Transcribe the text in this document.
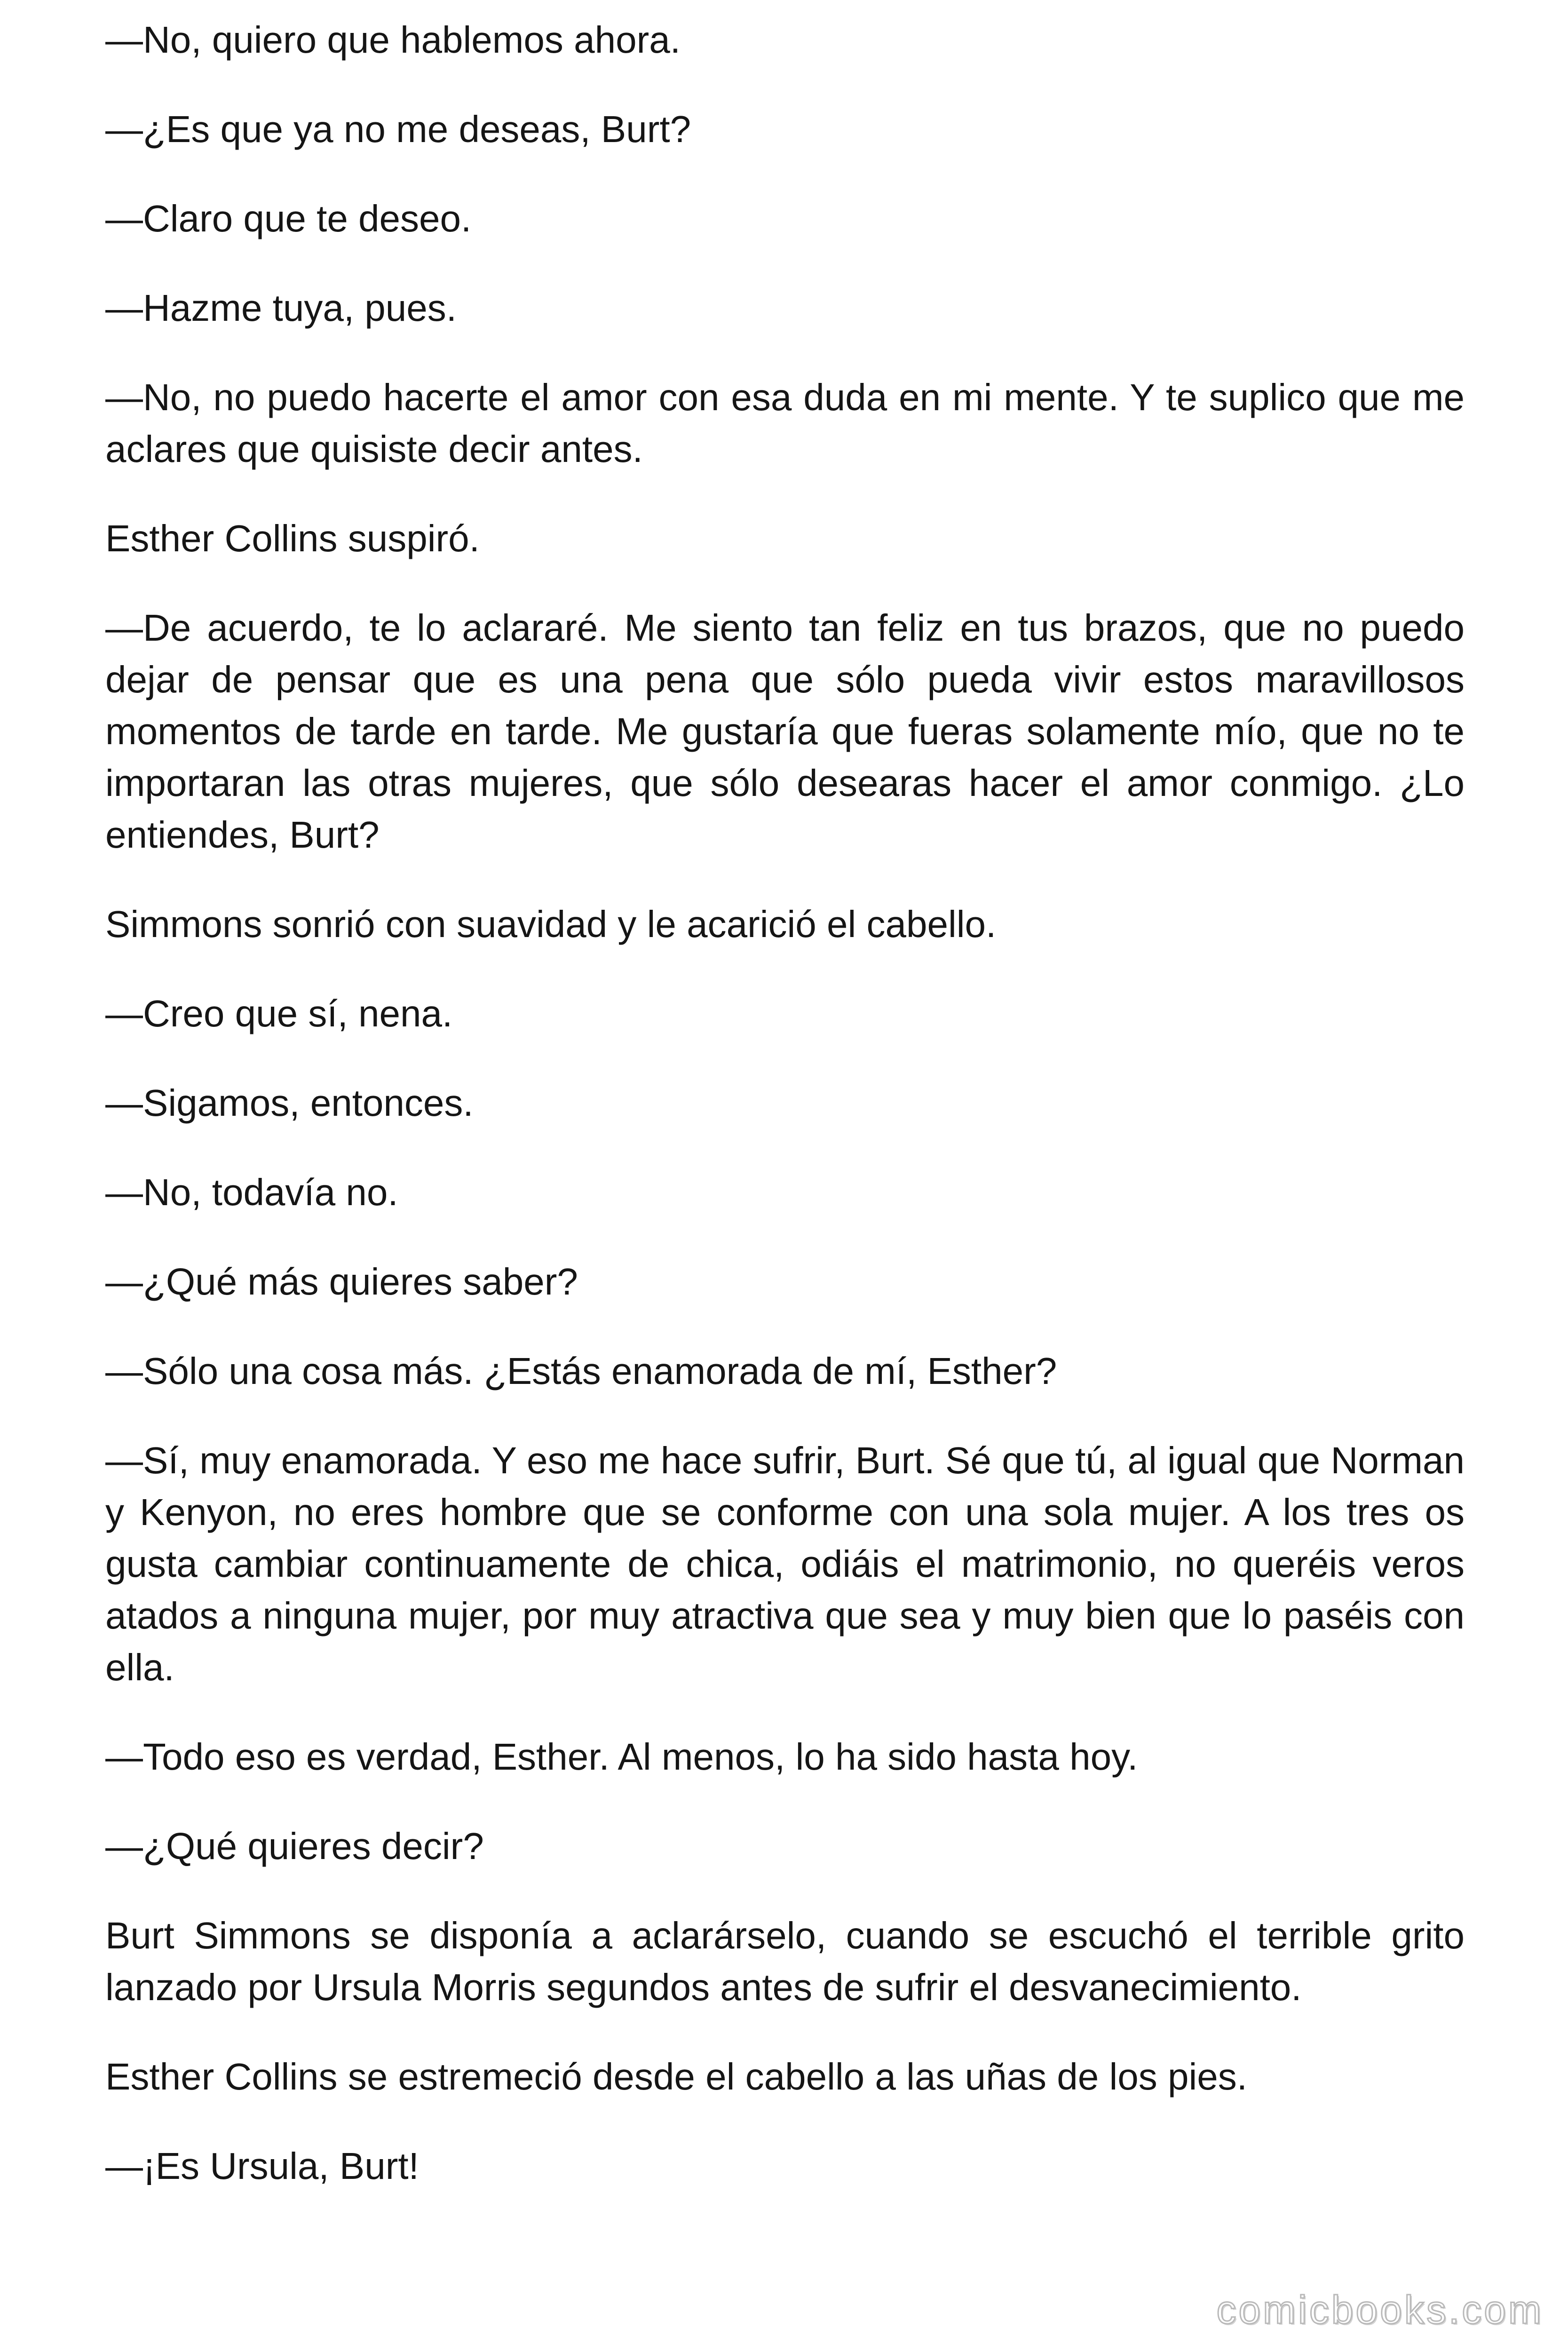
—No, quiero que hablemos ahora.

—¿Es que ya no me deseas, Burt?

—Claro que te deseo.

—Hazme tuya, pues.

—No, no puedo hacerte el amor con esa duda en mi mente. Y te suplico que me aclares que quisiste decir antes.

Esther Collins suspiró.

—De acuerdo, te lo aclararé. Me siento tan feliz en tus brazos, que no puedo dejar de pensar que es una pena que sólo pueda vivir estos maravillosos momentos de tarde en tarde. Me gustaría que fueras solamente mío, que no te importaran las otras mujeres, que sólo desearas hacer el amor conmigo. ¿Lo entiendes, Burt?

Simmons sonrió con suavidad y le acarició el cabello.

—Creo que sí, nena.

—Sigamos, entonces.

—No, todavía no.

—¿Qué más quieres saber?

—Sólo una cosa más. ¿Estás enamorada de mí, Esther?

—Sí, muy enamorada. Y eso me hace sufrir, Burt. Sé que tú, al igual que Norman y Kenyon, no eres hombre que se conforme con una sola mujer. A los tres os gusta cambiar continuamente de chica, odiáis el matrimonio, no queréis veros atados a ninguna mujer, por muy atractiva que sea y muy bien que lo paséis con ella.

—Todo eso es verdad, Esther. Al menos, lo ha sido hasta hoy.

—¿Qué quieres decir?

Burt Simmons se disponía a aclarárselo, cuando se escuchó el terrible grito lanzado por Ursula Morris segundos antes de sufrir el desvanecimiento.

Esther Collins se estremeció desde el cabello a las uñas de los pies.

—¡Es Ursula, Burt!

comicbooks.com
